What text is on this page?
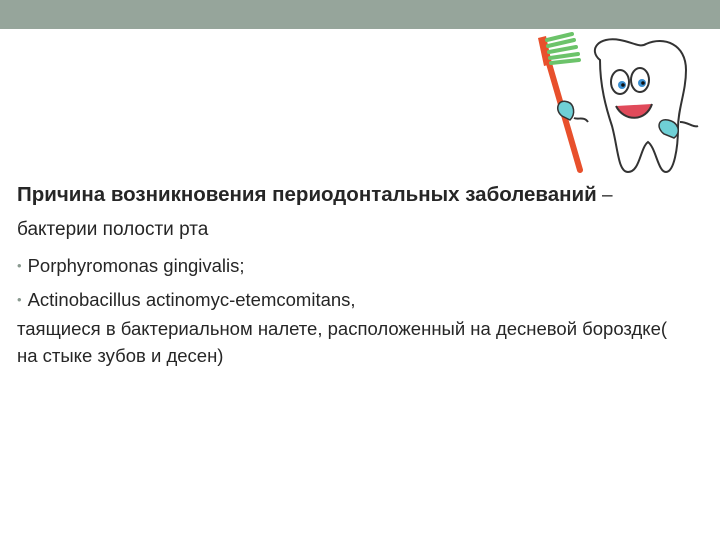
Причина возникновения периодонтальных заболеваний – бактерии полости рта

• Porphyromonas gingivalis;

• Actinobacillus actinomyc-etemcomitans,

таящиеся в бактериальном налете, расположенный на десневой бороздке( на стыке зубов и десен)
